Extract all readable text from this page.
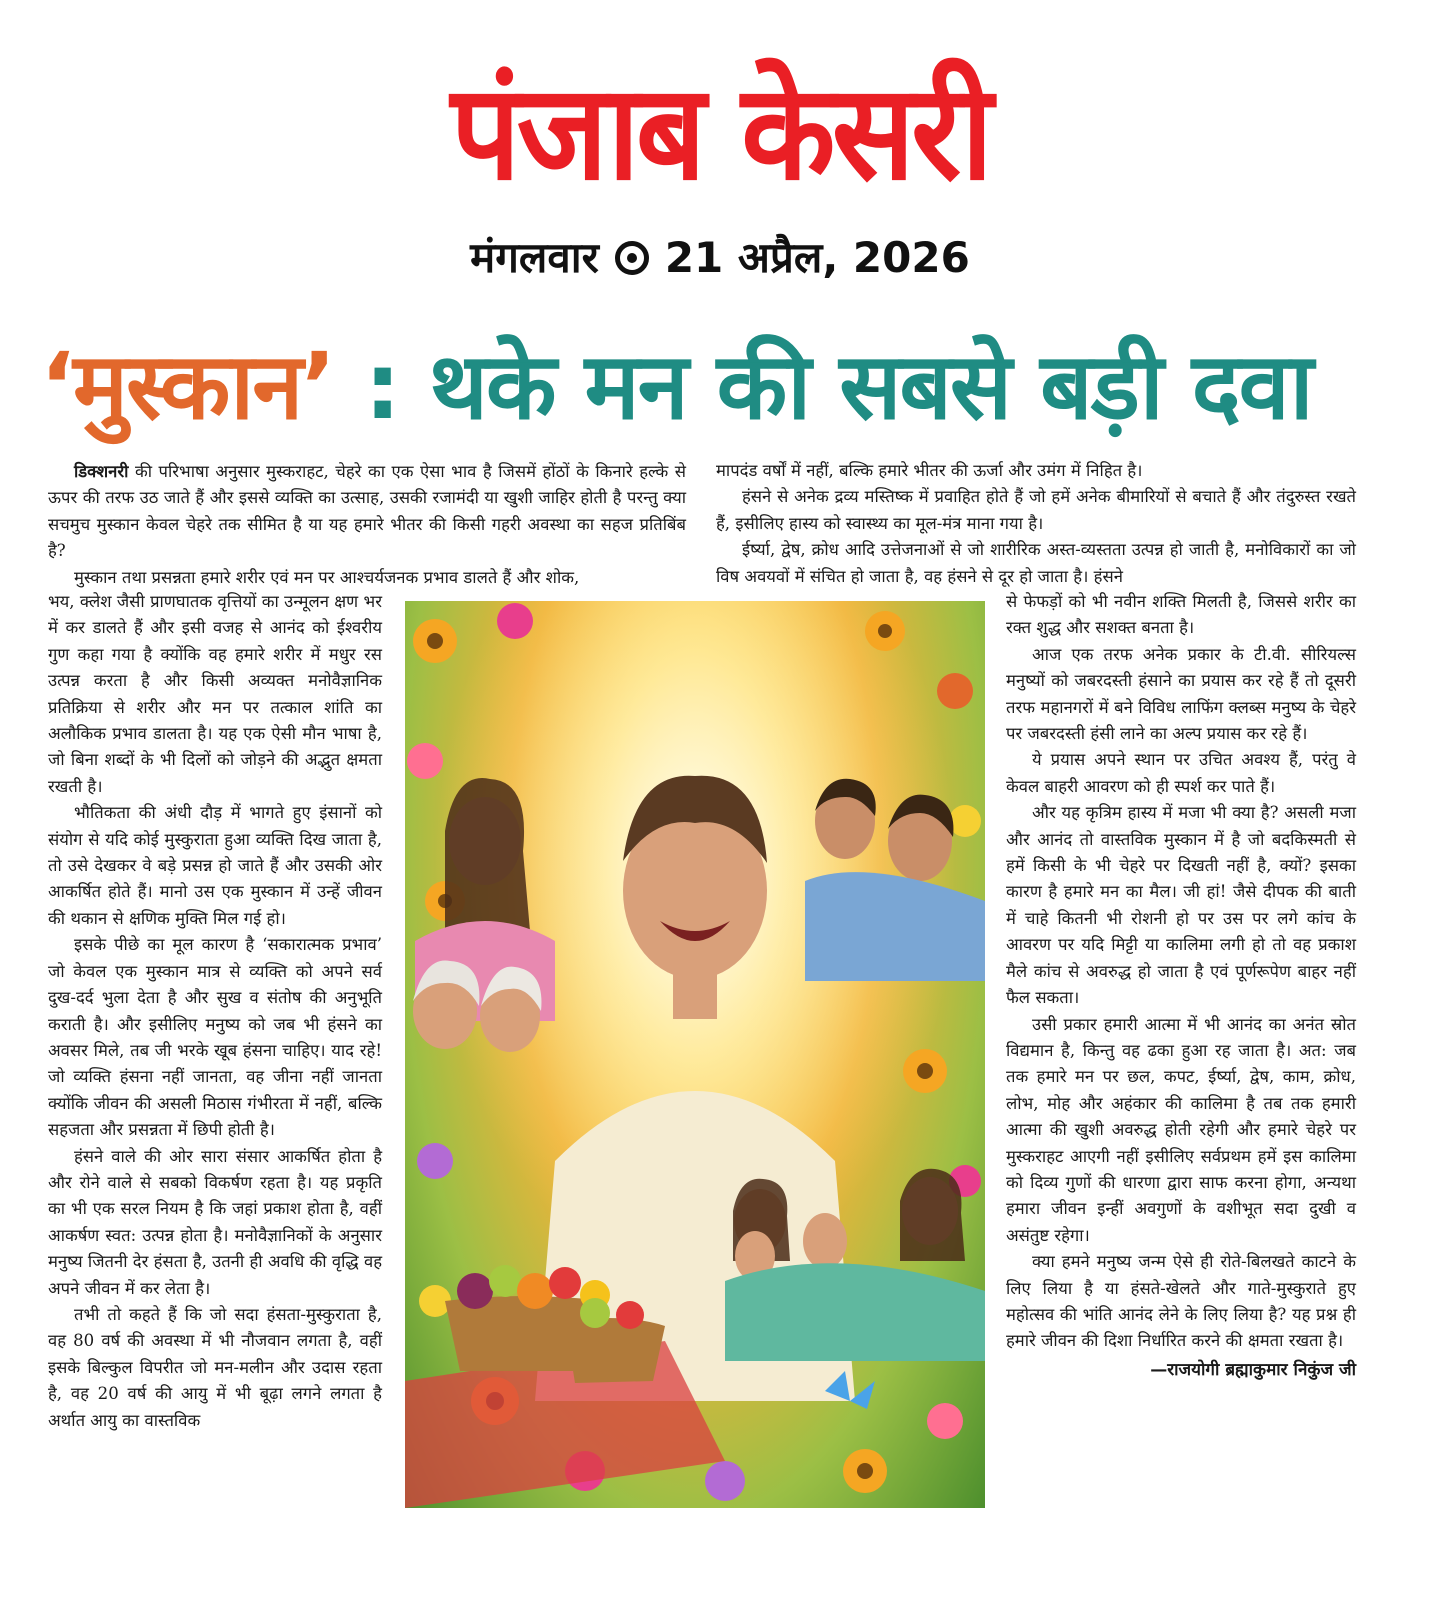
पंजाब केसरी
मंगलवार 21 अप्रैल, 2026
‘मुस्कान’ : थके मन की सबसे बड़ी दवा

डिक्शनरी की परिभाषा अनुसार मुस्कराहट, चेहरे का एक ऐसा भाव है जिसमें होंठों के किनारे हल्के से ऊपर की तरफ उठ जाते हैं और इससे व्यक्ति का उत्साह, उसकी रजामंदी या खुशी जाहिर होती है परन्तु क्या सचमुच मुस्कान केवल चेहरे तक सीमित है या यह हमारे भीतर की किसी गहरी अवस्था का सहज प्रतिबिंब है?

मुस्कान तथा प्रसन्नता हमारे शरीर एवं मन पर आश्चर्यजनक प्रभाव डालते हैं और शोक,

मापदंड वर्षों में नहीं, बल्कि हमारे भीतर की ऊर्जा और उमंग में निहित है।

हंसने से अनेक द्रव्य मस्तिष्क में प्रवाहित होते हैं जो हमें अनेक बीमारियों से बचाते हैं और तंदुरुस्त रखते हैं, इसीलिए हास्य को स्वास्थ्य का मूल-मंत्र माना गया है।

ईर्ष्या, द्वेष, क्रोध आदि उत्तेजनाओं से जो शारीरिक अस्त-व्यस्तता उत्पन्न हो जाती है, मनोविकारों का जो विष अवयवों में संचित हो जाता है, वह हंसने से दूर हो जाता है। हंसने

भय, क्लेश जैसी प्राणघातक वृत्तियों का उन्मूलन क्षण भर में कर डालते हैं और इसी वजह से आनंद को ईश्वरीय गुण कहा गया है क्योंकि वह हमारे शरीर में मधुर रस उत्पन्न करता है और किसी अव्यक्त मनोवैज्ञानिक प्रतिक्रिया से शरीर और मन पर तत्काल शांति का अलौकिक प्रभाव डालता है। यह एक ऐसी मौन भाषा है, जो बिना शब्दों के भी दिलों को जोड़ने की अद्भुत क्षमता रखती है।

भौतिकता की अंधी दौड़ में भागते हुए इंसानों को संयोग से यदि कोई मुस्कुराता हुआ व्यक्ति दिख जाता है, तो उसे देखकर वे बड़े प्रसन्न हो जाते हैं और उसकी ओर आकर्षित होते हैं। मानो उस एक मुस्कान में उन्हें जीवन की थकान से क्षणिक मुक्ति मिल गई हो।

इसके पीछे का मूल कारण है ‘सकारात्मक प्रभाव’ जो केवल एक मुस्कान मात्र से व्यक्ति को अपने सर्व दुख-दर्द भुला देता है और सुख व संतोष की अनुभूति कराती है। और इसीलिए मनुष्य को जब भी हंसने का अवसर मिले, तब जी भरके खूब हंसना चाहिए। याद रहे! जो व्यक्ति हंसना नहीं जानता, वह जीना नहीं जानता क्योंकि जीवन की असली मिठास गंभीरता में नहीं, बल्कि सहजता और प्रसन्नता में छिपी होती है।

हंसने वाले की ओर सारा संसार आकर्षित होता है और रोने वाले से सबको विकर्षण रहता है। यह प्रकृति का भी एक सरल नियम है कि जहां प्रकाश होता है, वहीं आकर्षण स्वत: उत्पन्न होता है। मनोवैज्ञानिकों के अनुसार मनुष्य जितनी देर हंसता है, उतनी ही अवधि की वृद्धि वह अपने जीवन में कर लेता है।

तभी तो कहते हैं कि जो सदा हंसता-मुस्कुराता है, वह 80 वर्ष की अवस्था में भी नौजवान लगता है, वहीं इसके बिल्कुल विपरीत जो मन-मलीन और उदास रहता है, वह 20 वर्ष की आयु में भी बूढ़ा लगने लगता है अर्थात आयु का वास्तविक

से फेफड़ों को भी नवीन शक्ति मिलती है, जिससे शरीर का रक्त शुद्ध और सशक्त बनता है।

आज एक तरफ अनेक प्रकार के टी.वी. सीरियल्स मनुष्यों को जबरदस्ती हंसाने का प्रयास कर रहे हैं तो दूसरी तरफ महानगरों में बने विविध लाफिंग क्लब्स मनुष्य के चेहरे पर जबरदस्ती हंसी लाने का अल्प प्रयास कर रहे हैं।

ये प्रयास अपने स्थान पर उचित अवश्य हैं, परंतु वे केवल बाहरी आवरण को ही स्पर्श कर पाते हैं।

और यह कृत्रिम हास्य में मजा भी क्या है? असली मजा और आनंद तो वास्तविक मुस्कान में है जो बदकिस्मती से हमें किसी के भी चेहरे पर दिखती नहीं है, क्यों? इसका कारण है हमारे मन का मैल। जी हां! जैसे दीपक की बाती में चाहे कितनी भी रोशनी हो पर उस पर लगे कांच के आवरण पर यदि मिट्टी या कालिमा लगी हो तो वह प्रकाश मैले कांच से अवरुद्ध हो जाता है एवं पूर्णरूपेण बाहर नहीं फैल सकता।

उसी प्रकार हमारी आत्मा में भी आनंद का अनंत स्रोत विद्यमान है, किन्तु वह ढका हुआ रह जाता है। अत: जब तक हमारे मन पर छल, कपट, ईर्ष्या, द्वेष, काम, क्रोध, लोभ, मोह और अहंकार की कालिमा है तब तक हमारी आत्मा की खुशी अवरुद्ध होती रहेगी और हमारे चेहरे पर मुस्कराहट आएगी नहीं इसीलिए सर्वप्रथम हमें इस कालिमा को दिव्य गुणों की धारणा द्वारा साफ करना होगा, अन्यथा हमारा जीवन इन्हीं अवगुणों के वशीभूत सदा दुखी व असंतुष्ट रहेगा।

क्या हमने मनुष्य जन्म ऐसे ही रोते-बिलखते काटने के लिए लिया है या हंसते-खेलते और गाते-मुस्कुराते हुए महोत्सव की भांति आनंद लेने के लिए लिया है? यह प्रश्न ही हमारे जीवन की दिशा निर्धारित करने की क्षमता रखता है।

—राजयोगी ब्रह्माकुमार निकुंज जी
